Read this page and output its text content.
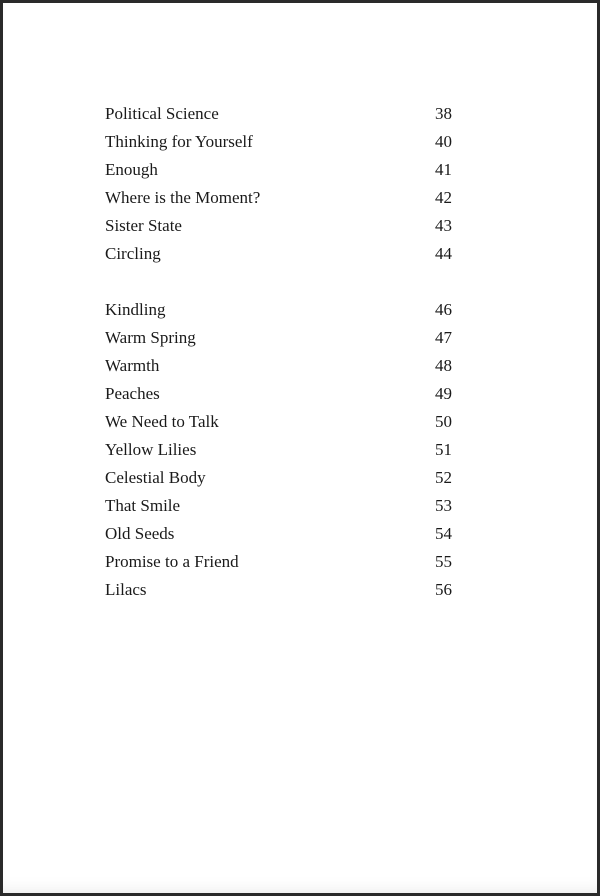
Political Science	38
Thinking for Yourself	40
Enough	41
Where is the Moment?	42
Sister State	43
Circling	44
Kindling	46
Warm Spring	47
Warmth	48
Peaches	49
We Need to Talk	50
Yellow Lilies	51
Celestial Body	52
That Smile	53
Old Seeds	54
Promise to a Friend	55
Lilacs	56
